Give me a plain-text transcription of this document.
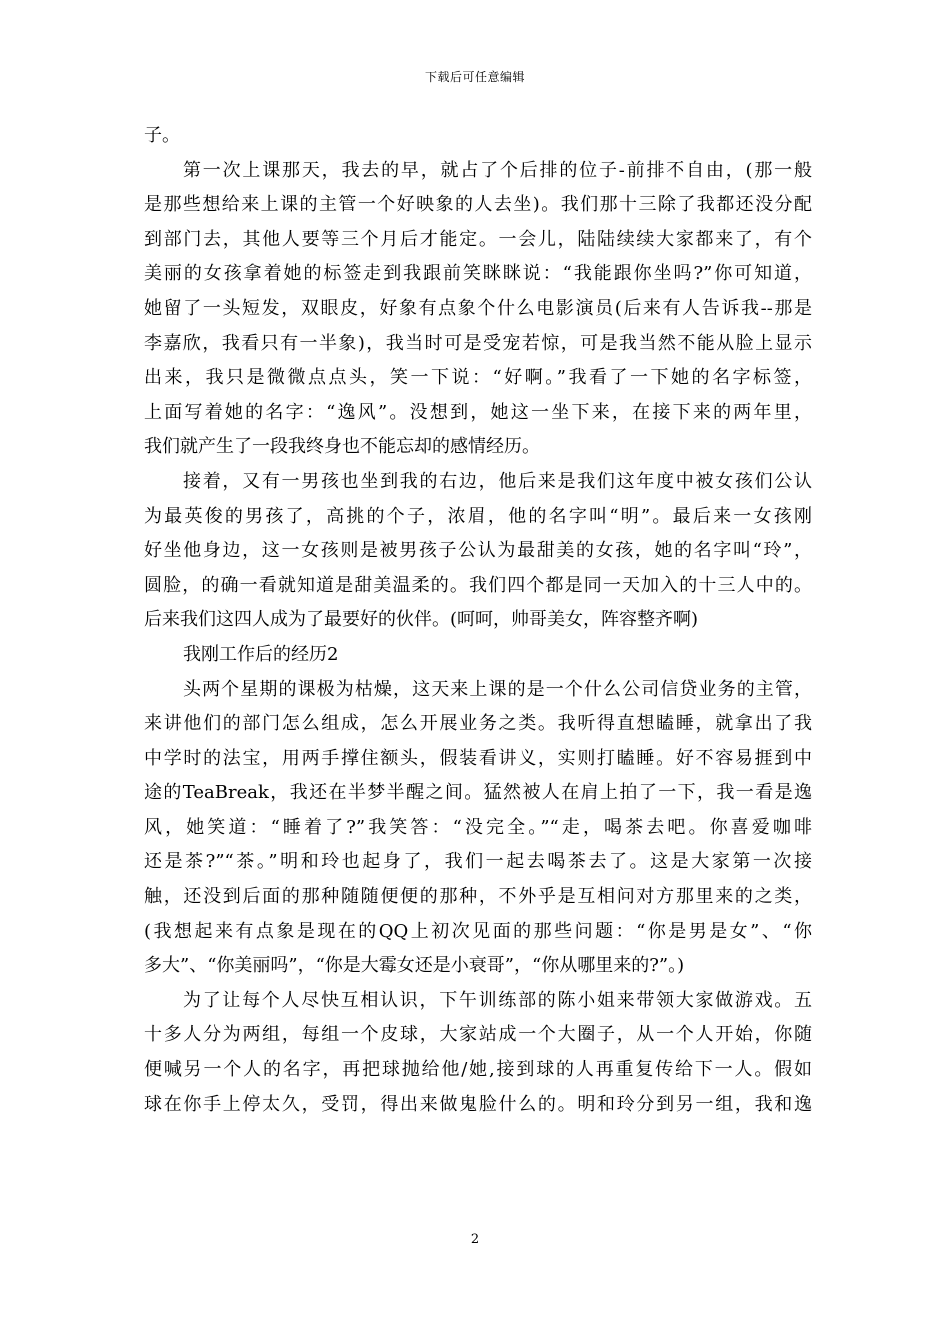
下载后可任意编辑
子。
第一次上课那天，我去的早，就占了个后排的位子-前排不自由，(那一般
是那些想给来上课的主管一个好映象的人去坐)。我们那十三除了我都还没分配
到部门去，其他人要等三个月后才能定。一会儿，陆陆续续大家都来了，有个
美丽的女孩拿着她的标签走到我跟前笑眯眯说：“我能跟你坐吗?”你可知道，
她留了一头短发，双眼皮，好象有点象个什么电影演员(后来有人告诉我--那是
李嘉欣，我看只有一半象)，我当时可是受宠若惊，可是我当然不能从脸上显示
出来，我只是微微点点头，笑一下说：“好啊。”我看了一下她的名字标签，
上面写着她的名字：“逸风”。没想到，她这一坐下来，在接下来的两年里，
我们就产生了一段我终身也不能忘却的感情经历。
接着，又有一男孩也坐到我的右边，他后来是我们这年度中被女孩们公认
为最英俊的男孩了，高挑的个子，浓眉，他的名字叫“明”。最后来一女孩刚
好坐他身边，这一女孩则是被男孩子公认为最甜美的女孩，她的名字叫“玲”，
圆脸，的确一看就知道是甜美温柔的。我们四个都是同一天加入的十三人中的。
后来我们这四人成为了最要好的伙伴。(呵呵，帅哥美女，阵容整齐啊)
我刚工作后的经历2
头两个星期的课极为枯燥，这天来上课的是一个什么公司信贷业务的主管，
来讲他们的部门怎么组成，怎么开展业务之类。我听得直想瞌睡，就拿出了我
中学时的法宝，用两手撑住额头，假装看讲义，实则打瞌睡。好不容易捱到中
途的TeaBreak，我还在半梦半醒之间。猛然被人在肩上拍了一下，我一看是逸
风，她笑道：“睡着了?”我笑答：“没完全。”“走，喝茶去吧。你喜爱咖啡
还是茶?”“茶。”明和玲也起身了，我们一起去喝茶去了。这是大家第一次接
触，还没到后面的那种随随便便的那种，不外乎是互相问对方那里来的之类，
(我想起来有点象是现在的QQ上初次见面的那些问题：“你是男是女”、“你
多大”、“你美丽吗”，“你是大霉女还是小衰哥”，“你从哪里来的?”。)
为了让每个人尽快互相认识，下午训练部的陈小姐来带领大家做游戏。五
十多人分为两组，每组一个皮球，大家站成一个大圈子，从一个人开始，你随
便喊另一个人的名字，再把球抛给他/她,接到球的人再重复传给下一人。假如
球在你手上停太久，受罚，得出来做鬼脸什么的。明和玲分到另一组，我和逸
2
